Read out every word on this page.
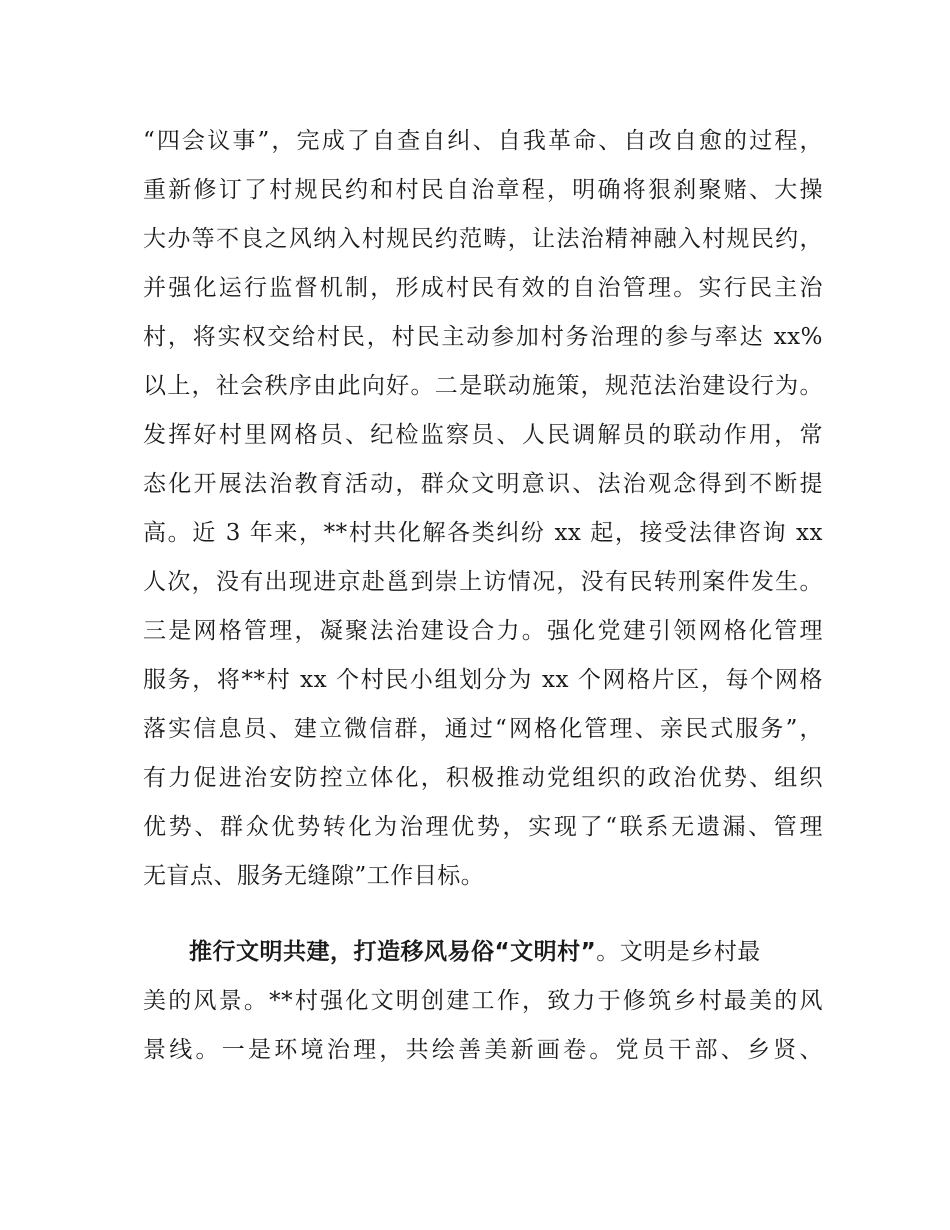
“四会议事”，完成了自查自纠、自我革命、自改自愈的过程，
重新修订了村规民约和村民自治章程，明确将狠刹聚赌、大操
大办等不良之风纳入村规民约范畴，让法治精神融入村规民约，
并强化运行监督机制，形成村民有效的自治管理。实行民主治
村，将实权交给村民，村民主动参加村务治理的参与率达 xx%
以上，社会秩序由此向好。二是联动施策，规范法治建设行为。
发挥好村里网格员、纪检监察员、人民调解员的联动作用，常
态化开展法治教育活动，群众文明意识、法治观念得到不断提
高。近 3 年来，**村共化解各类纠纷 xx 起，接受法律咨询 xx
人次，没有出现进京赴邕到崇上访情况，没有民转刑案件发生。
三是网格管理，凝聚法治建设合力。强化党建引领网格化管理
服务，将**村 xx 个村民小组划分为 xx 个网格片区，每个网格
落实信息员、建立微信群，通过“网格化管理、亲民式服务”，
有力促进治安防控立体化，积极推动党组织的政治优势、组织
优势、群众优势转化为治理优势，实现了“联系无遗漏、管理
无盲点、服务无缝隙”工作目标。
推行文明共建，打造移风易俗“文明村”。文明是乡村最
美的风景。**村强化文明创建工作，致力于修筑乡村最美的风
景线。一是环境治理，共绘善美新画卷。党员干部、乡贤、
